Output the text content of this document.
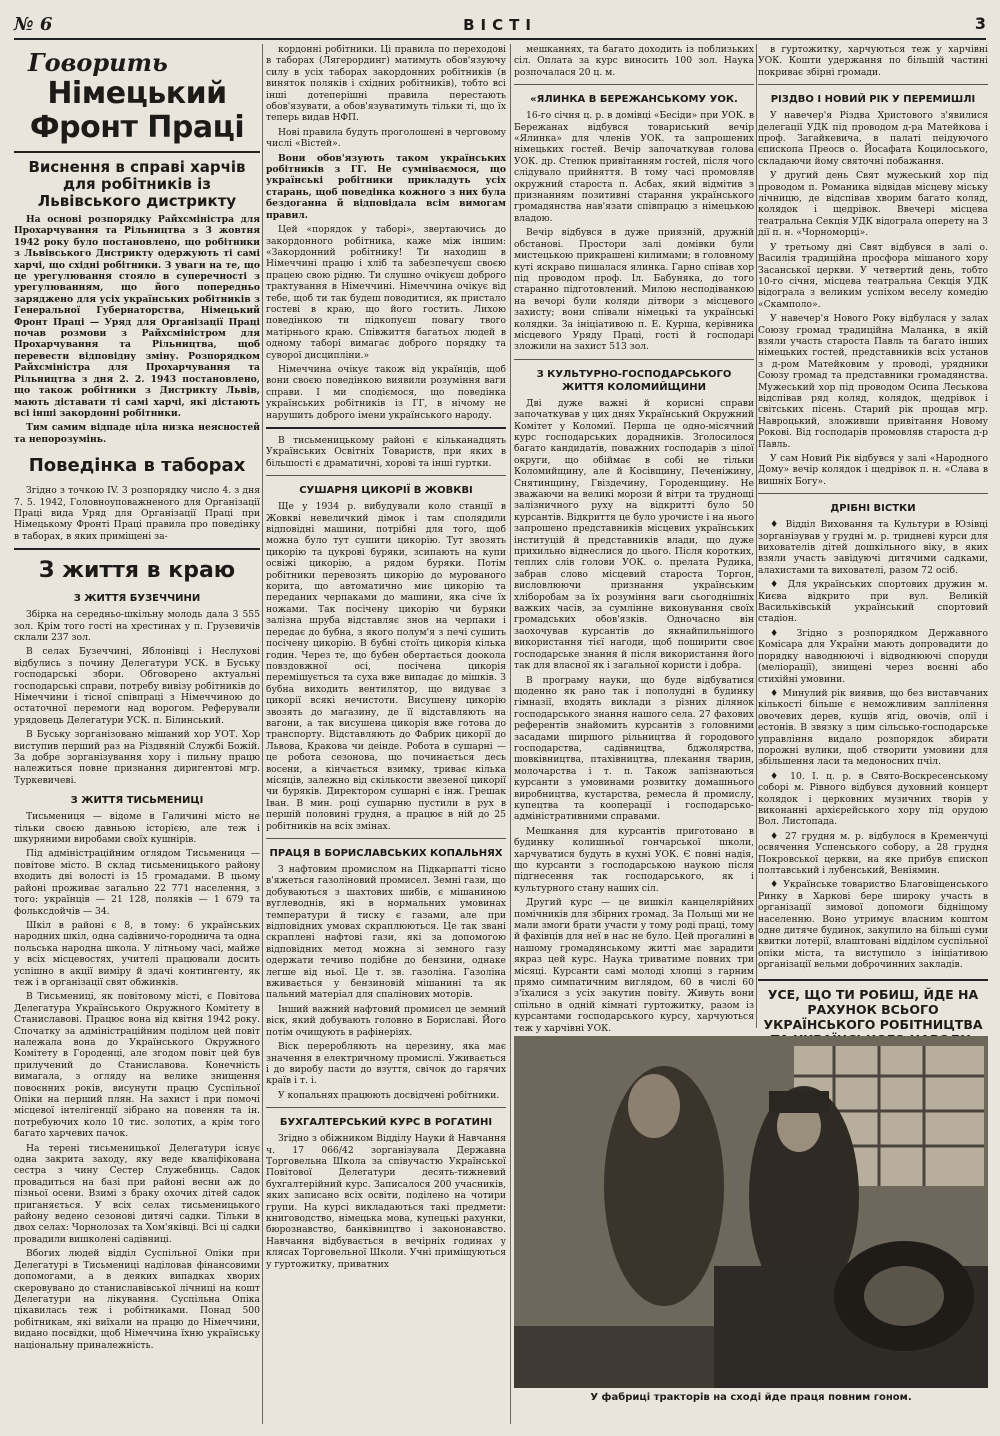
№ 6	ВІСТІ	3
Говорить
Німецький Фронт Праці
Виснення в справі харчів для робітників із Львівського дистрикту

На основі розпорядку Райхсміністра для Прохарчування та Рільництва з 3 жовтня 1942 року було постановлено, що робітники з Львівського Дистрикту одержують ті самі харчі, що східні робітники. З уваги на те, що це урегулювання стояло в суперечності з урегулюванням, що його попередньо заряджено для усіх українських робітників з Генеральної Губернаторства, Німецький Фронт Праці — Уряд для Організації Праці почав розмови з Райхсміністром для Прохарчування та Рільництва, щоб перевести відповідну зміну. Розпорядком Райхсміністра для Прохарчування та Рільництва з дня 2. 2. 1943 постановлено, що також робітники з Дистрикту Львів, мають діставати ті самі харчі, які дістають всі інші закордонні робітники.

Тим самим відпаде ціла низка неясностей та непорозумінь.

Поведінка в таборах

Згідно з точкою IV. 3 розпорядку число 4. з дня 7. 5. 1942, Головноуповажненого для Організації Праці вида Уряд для Організації Праці при Німецькому Фронті Праці правила про поведінку в таборах, в яких приміщені за-

З життя в краю
З ЖИТТЯ БУЗЕЧЧИНИ

Збірка на середньо-шкільну молодь дала 3 555 зол. Крім того гості на хрестинах у п. Грузевичів склали 237 зол.

В селах Бузеччині, Яблонівці і Неслухові відбулись з почину Делегатури УСК. в Буську господарські збори. Обговорено актуальні господарські справи, потребу вивізу робітників до Німеччини і тісної співпраці з Німеччиною до остаточної перемоги над ворогом. Реферували урядовець Делегатури УСК. п. Білинський.

В Буську зорганізовано мішаний хор УОТ. Хор виступив перший раз на Різдвяній Службі Божій. За добре зорганізування хору і пильну працю належиться повне признання диригентові мгр. Туркевичеві.

З ЖИТТЯ ТИСЬМЕНИЦІ

Тисьмениця — відоме в Галичині місто не тільки своєю давньою історією, але теж і шкуряними виробами своїх кушнірів.

Під адміністраційним оглядом Тисьмениця — повітове місто. В склад тисьменицького району входить дві волості із 15 громадами. В цьому районі проживає загально 22 771 населення, з того: українців — 21 128, поляків — 1 679 та фольксдойчів — 34.

Шкіл в районі є 8, в тому: 6 українських народних шкіл, одна садівничо-городнича та одна польська народна школа. У літньому часі, майже у всіх місцевостях, учителі працювали досить успішно в акції виміру й здачі контингенту, як теж і в організації свят обжинків.

В Тисьмениці, як повітовому місті, є Повітова Делегатура Українського Окружного Комітету в Станиславові. Працює вона від квітня 1942 року. Спочатку за адміністраційним поділом цей повіт належала вона до Українського Окружного Комітету в Городенці, але згодом повіт цей був прилучений до Станиславова. Конечність вимагала, з огляду на велике знищення повоєнних років, висунути працю Суспільної Опіки на перший плян. На захист і при помочі місцевої інтелігенції зібрано на повенян та ін. потребуючих коло 10 тис. золотих, а крім того багато харчевих пачок.

На терені тисьменицької Делегатури існує одна закрита заходу, яку веде кваліфікована сестра з чину Сестер Служебниць. Садок провадиться на базі при районі весни аж до пізньої осени. Взимі з браку охочих дітей садок приганяється. У всіх селах тисьменицького району ведено сезонові дитячі садки. Тільки в двох селах: Чорнолозах та Хом'яківці. Всі ці садки провадили вишколені садівниці.

Вбогих людей відділ Суспільної Опіки при Делегатурі в Тисьмениці наділовав фінансовими допомогами, а в деяких випадках хворих скеровувано до станиславівської лічниці на кошт Делегатури на лікування. Суспільна Опіка цікавилась теж і робітниками. Понад 500 робітникам, які виїхали на працю до Німеччини, видано посвідки, щоб Німеччина їхню українську національну приналежність.

кордонні робітники. Ці правила по переходові в таборах (Лягерординг) матимуть обов'язуючу силу в усіх таборах закордонних робітників (в виняток поляків і східних робітників), тобто всі інші дотеперішні правила перестають обов'язувати, а обов'язуватимуть тільки ті, що їх теперь видав НФП.

Нові правила будуть проголошені в черговому числі «Вістей».

Вони обов'язують таком українських робітників з ГГ. Не сумніваємося, що українські робітники прикладуть усіх старань, щоб поведінка кожного з них була бездоганна й відповідала всім вимогам правил.

Цей «порядок у таборі», звертаючись до закордонного робітника, каже між іншим: «Закордонний робітнику! Ти находиш в Німеччині працю і хліб та забезпечуєш своєю працею свою рідню. Ти слушно очікуєш доброго трактування в Німеччині. Німеччина очікує від тебе, щоб ти так будеш поводитися, як пристало гостеві в краю, що його гостить. Лихою поведінкою ти підкопуєш повагу твого матірнього краю. Співжиття багатьох людей в одному таборі вимагає доброго порядку та суворої дисципліни.»

Німеччина очікує також від українців, щоб вони своєю поведінкою виявили розуміння ваги справи. І ми сподіємося, що поведінка українських робітників із ГГ, в нічому не нарушить доброго імени українського народу.

В тисьменицькому районі є кільканадцять Українських Освітніх Товариств, при яких в більшості є драматичні, хорові та інші гуртки.

СУШАРНЯ ЦИКОРІЇ В ЖОВКВІ

Ще у 1934 р. вибудували коло станції в Жовкві невеличкий дімок і там сполядили відповідні машини, потрібні для того, щоб можна було тут сушити цикорію. Тут звозять цикорію та цукрові буряки, зсипають на купи освіжі цикорію, а рядом буряки. Потім робітники перевозять цикорію до мурованого корита, що автоматично миє цикорію та переданих черпаками до машини, яка січе їх ножами. Так посічену цикорію чи буряки залізна шруба відставляє знов на черпаки і передає до бубна, з якого полум'я з печі сушить посічену цикорію. В бубні стоїть цикорія кілька годин. Через те, що бубен обертається доокола повздовжної осі, посічена цикорія перемішується та суха вже випадає до мішків. З бубна виходить вентилятор, що видуває з цикорії всякі нечистоти. Висушену цикорію звозять до магазину, де її відставляють на вагони, а так висушена цикорія вже готова до транспорту. Відставляють до Фабрик цикорії до Львова, Кракова чи деінде. Робота в сушарні — це робота сезонова, що починається десь восени, а кінчається взимку, триває кілька місяців, залежно від скількости звезеної цикорії чи буряків. Директором сушарні є інж. Грешак Іван. В мин. році сушарню пустили в рух в першій половині грудня, а працює в ній до 25 робітників на всіх змінах.

ПРАЦЯ В БОРИСЛАВСЬКИХ КОПАЛЬНЯХ

З нафтовим промислом на Підкарпатті тісно в'яжеться газоліновий промисел. Земні гази, що добуваються з шахтових шибів, є мішаниною вуглеводнів, які в нормальних умовинах температури й тиску є газами, але при відповідних умовах скраплюються. Це так звані скраплені нафтові гази, які за допомогою відповідних метод можна зі земного газу одержати течиво подібне до бензини, однаке легше від ньої. Це т. зв. газоліна. Газоліна вживається у бензиновій мішанині та як пальний матеріал для спалінових моторів.

Інший важний нафтовий промисел це земний віск, який добувають головно в Бориславі. Його потім очищують в рафінеріях.

Віск переробляють на церезину, яка має значення в електричному промислі. Уживається і до виробу пасти до взуття, свічок до гарячих країв і т. і.

У копальнях працюють досвідчені робітники.

БУХГАЛТЕРСЬКИЙ КУРС В РОГАТИНІ

Згідно з обіжником Відділу Науки й Навчання ч. 17 066/42 зорганізувала Державна Торговельна Школа за співучастю Української Повітової Делегатури десять-тижневий бухгалтерійний курс. Записалося 200 учасників, яких записано всіх освіти, поділено на чотири групи. На курсі викладаються такі предмети: книговодство, німецька мова, купецькі рахунки, бюрознавство, банківництво і закононавство. Навчання відбувається в вечірніх годинах у клясах Торговельної Школи. Учні приміщуються у гуртожитку, приватних

мешканнях, та багато доходить із поблизьких сіл. Оплата за курс виносить 100 зол. Наука розпочалася 20 ц. м.

«ЯЛИНКА В БЕРЕЖАНСЬКОМУ УОК.

16-го січня ц. р. в домівці «Бесіди» при УОК. в Бережанах відбувся товариський вечір «Ялинка» для членів УОК. та запрошених німецьких гостей. Вечір започаткував голова УОК. др. Степюк привітанням гостей, після чого слідувало прийняття. В тому часі промовляв окружний староста п. Асбах, який відмітив з признанням позитивні старання українського громадянства нав'язати співпрацю з німецькою владою.

Вечір відбувся в дуже приязній, дружній обстанові. Простори залі домівки були мистецькою прикрашені килимами; в головному куті яскраво пишалася ялинка. Гарно співав хор під проводом проф. Іл. Бабуняка, до того старанно підготовлений. Милою несподіванкою на вечорі були коляди дітвори з місцевого захисту; вони співали німецькі та українські колядки. За ініціативою п. Е. Курша, керівника місцевого Уряду Праці, гості й господарі зложили на захист 513 зол.

З КУЛЬТУРНО-ГОСПОДАРСЬКОГО ЖИТТЯ КОЛОМИЙЩИНИ

Дві дуже важні й корисні справи започаткував у цих днях Український Окружний Комітет у Коломиї. Перша це одно-місячний курс господарських дорадників. Зголосилося багато кандидатів, поважних господарів з цілої округи, що обіймає в собі не тільки Коломийщину, але й Косівщину, Печеніжину, Снятинщину, Гвіздечину, Городенщину. Не зважаючи на великі морози й вітри та труднощі залізничного руху на відкритті було 50 курсантів. Відкриття це було урочисте і на нього запрошено представників місцевих українських інституцій й представників влади, що дуже прихильно віднеслися до цього. Після коротких, теплих слів голови УОК. о. прелата Рудика, забрав слово місцевий староста Торгон, висловлюючи признання українським хліборобам за їх розуміння ваги сьогоднішніх важких часів, за сумлінне виконування своїх громадських обов'язків. Одночасно він заохочував курсантів до якнайпильнішого використання тієї нагоди, щоб поширити своє господарське знання й після використання його так для власної як і загальної користи і добра.

В програму науки, що буде відбуватися щоденно як рано так і пополудні в будинку гімназії, входять виклади з різних ділянок господарського знання нашого села. 27 фахових референтів знайомить курсантів з головними засадами ширшого рільництва й городового господарства, садівництва, бджолярства, шовківництва, птахівництва, плекання тварин, молочарства і т. п. Також запізнаються курсанти з умовинами розвитку домашнього виробництва, кустарства, ремесла й промислу, купецтва та кооперації і господарсько-адміністративними справами.

Мешкання для курсантів приготовано в будинку колишньої гончарської школи, харчуватися будуть в кухні УОК. Є повні надія, що курсанти з господарською наукою після підгнесення так господарського, як і культурного стану наших сіл.

Другий курс — це вишкіл канцелярійних помічників для збірних громад. За Польщі ми не мали змоги брати участи у тому роді праці, тому й фахівців для неї в нас не було. Цей прогалині в нашому громадянському житті має зарадити якраз цей курс. Наука триватиме повних три місяці. Курсанти самі молоді хлопці з гарним прямо симпатичним виглядом, 60 в числі 60 з'їхалися з усіх закутин повіту. Живуть вони спільно в одній кімнаті гуртожитку, разом із курсантами господарського курсу, харчуються теж у харчівні УОК.

в гуртожитку, харчуються теж у харчівні УОК. Кошти удержання по більшій частині покриває збірні громади.

РІЗДВО І НОВИЙ РІК У ПЕРЕМИШЛІ

У навечер'я Різдва Христового з'явилися делегації УДК під проводом д-ра Матейкова і проф. Загайкевича, в палаті пеідуючого єпископа Преосв о. Йосафата Коцилоського, складаючи йому святочні побажання.

У другий день Свят мужеський хор під проводом п. Романика відвідав місцеву міську лічницю, де відспівав хворим багато коляд, колядок і щедрівок. Ввечері місцева театральна Секція УДК відограла оперету на 3 дії п. н. «Чорноморці».

У третьому дні Свят відбувся в залі о. Василія традиційна просфора мішаного хору Засанської церкви. У четвертий день, тобто 10-го січня, місцева театральна Секція УДК відограла з великим успіхом веселу комедію «Скамполо».

У навечер'я Нового Року відбулася у залах Союзу громад традиційна Маланка, в якій взяли участь староста Павль та багато інших німецьких гостей, представників всіх установ з д-ром Матейковим у проводі, урядники Союзу громад та представники громадянства. Мужеський хор під проводом Осипа Леськова відспівав ряд коляд, колядок, щедрівок і світських пісень. Старий рік прощав мгр. Навроцький, зложивши привітання Новому Рокові. Від господарів промовляв староста д-р Павль.

У сам Новий Рік відбувся у залі «Народного Дому» вечір колядок і щедрівок п. н. «Слава в вишніх Богу».

ДРІБНІ ВІСТКИ

♦ Відділ Виховання та Культури в Юзівці зорганізував у грудні м. р. тридневі курси для вихователів дітей дошкільного віку, в яких взяли участь завідуючі дитячими садками, алахистами та вихователі, разом 72 осіб.

♦ Для українських спортових дружин м. Києва відкрито при вул. Великій Васильківській український спортовий стадіон.

♦ Згідно з розпорядком Державного Комісара для України мають допровадити до порядку наводнюючі і відводнюючі споруди (меліорації), знищені через воєнні або стихійні умовини.

♦ Минулий рік виявив, що без виставчаних кількості більше є неможливим заплілення овочевих дерев, кущів ягід, овочів, олії і естонів. В звязку з цим сільсько-господарське управління видало розпорядок збирати порожні вулики, щоб створити умовини для збільшення ласи та медоносних пчіл.

♦ 10. I. ц. р. в Свято-Воскресенському соборі м. Рівного відбувся духовний концерт колядок і церковних музичних творів у виконанні архієрейського хору під орудою Вол. Листопада.

♦ 27 грудня м. р. відбулося в Кременчуці освячення Успенського собору, а 28 грудня Покровської церкви, на яке прибув єпископ полтавський і лубенський, Веніямин.

♦ Українське товариство Благовіщенського Ринку в Харкові бере широку участь в організації зимової допомоги бідніщому населенню. Воно утримує власним коштом одне дитяче будинок, закупило на більші суми квитки лотерії, влаштовані відділом суспільної опіки міста, та виступило з ініціативою організації вельми доброчинних закладів.

УСЕ, ЩО ТИ РОБИШ, ЙДЕ НА РАХУНОК ВСЬОГО УКРАЇНСЬКОГО РОБІТНИЦТВА
У фабриці тракторів на сході йде праця повним гоном.
